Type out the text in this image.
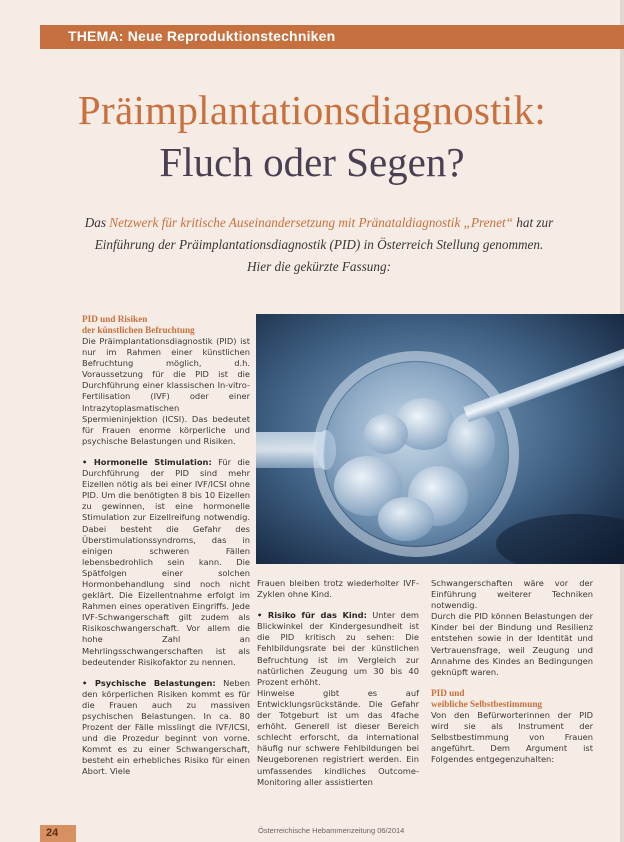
THEMA: Neue Reproduktionstechniken
Präimplantationsdiagnostik:
Fluch oder Segen?
Das Netzwerk für kritische Auseinandersetzung mit Pränataldiagnostik „Prenet“ hat zur Einführung der Präimplantationsdiagnostik (PID) in Österreich Stellung genommen. Hier die gekürzte Fassung:

PID und Risiken

der künstlichen Befruchtung

Die Präimplantationsdiagnostik (PID) ist nur im Rahmen einer künstlichen Befruchtung möglich, d.h. Voraussetzung für die PID ist die Durchführung einer klassischen In-vitro-Fertilisation (IVF) oder einer Intrazytoplasmatischen Spermieninjektion (ICSI). Das bedeutet für Frauen enorme körperliche und psychische Belastungen und Risiken.

• Hormonelle Stimulation: Für die Durchführung der PID sind mehr Eizellen nötig als bei einer IVF/ICSI ohne PID. Um die benötigten 8 bis 10 Eizellen zu gewinnen, ist eine hormonelle Stimulation zur Eizellreifung notwendig. Dabei besteht die Gefahr des Überstimulationssyndroms, das in einigen schweren Fällen lebensbedrohlich sein kann. Die Spätfolgen einer solchen Hormonbehandlung sind noch nicht geklärt. Die Eizellentnahme erfolgt im Rahmen eines operativen Eingriffs. Jede IVF-Schwangerschaft gilt zudem als Risikoschwangerschaft. Vor allem die hohe Zahl an Mehrlingsschwangerschaften ist als bedeutender Risikofaktor zu nennen.

• Psychische Belastungen: Neben den körperlichen Risiken kommt es für die Frauen auch zu massiven psychischen Belastungen. In ca. 80 Prozent der Fälle misslingt die IVF/ICSI, und die Prozedur beginnt von vorne. Kommt es zu einer Schwangerschaft, besteht ein erhebliches Risiko für einen Abort. Viele

Frauen bleiben trotz wiederholter IVF-Zyklen ohne Kind.

• Risiko für das Kind: Unter dem Blickwinkel der Kindergesundheit ist die PID kritisch zu sehen: Die Fehlbildungsrate bei der künstlichen Befruchtung ist im Vergleich zur natürlichen Zeugung um 30 bis 40 Prozent erhöht.

Hinweise gibt es auf Entwicklungsrückstände. Die Gefahr der Totgeburt ist um das 4fache erhöht. Generell ist dieser Bereich schlecht erforscht, da international häufig nur schwere Fehlbildungen bei Neugeborenen registriert werden. Ein umfassendes kindliches Outcome-Monitoring aller assistierten

Schwangerschaften wäre vor der Einführung weiterer Techniken notwendig.

Durch die PID können Belastungen der Kinder bei der Bindung und Resilienz entstehen sowie in der Identität und Vertrauensfrage, weil Zeugung und Annahme des Kindes an Bedingungen geknüpft waren.

PID und

weibliche Selbstbestimmung

Von den Befürworterinnen der PID wird sie als Instrument der Selbstbestimmung von Frauen angeführt. Dem Argument ist Folgendes entgegenzuhalten:

24	Österreichische Hebammenzeitung 06/2014
